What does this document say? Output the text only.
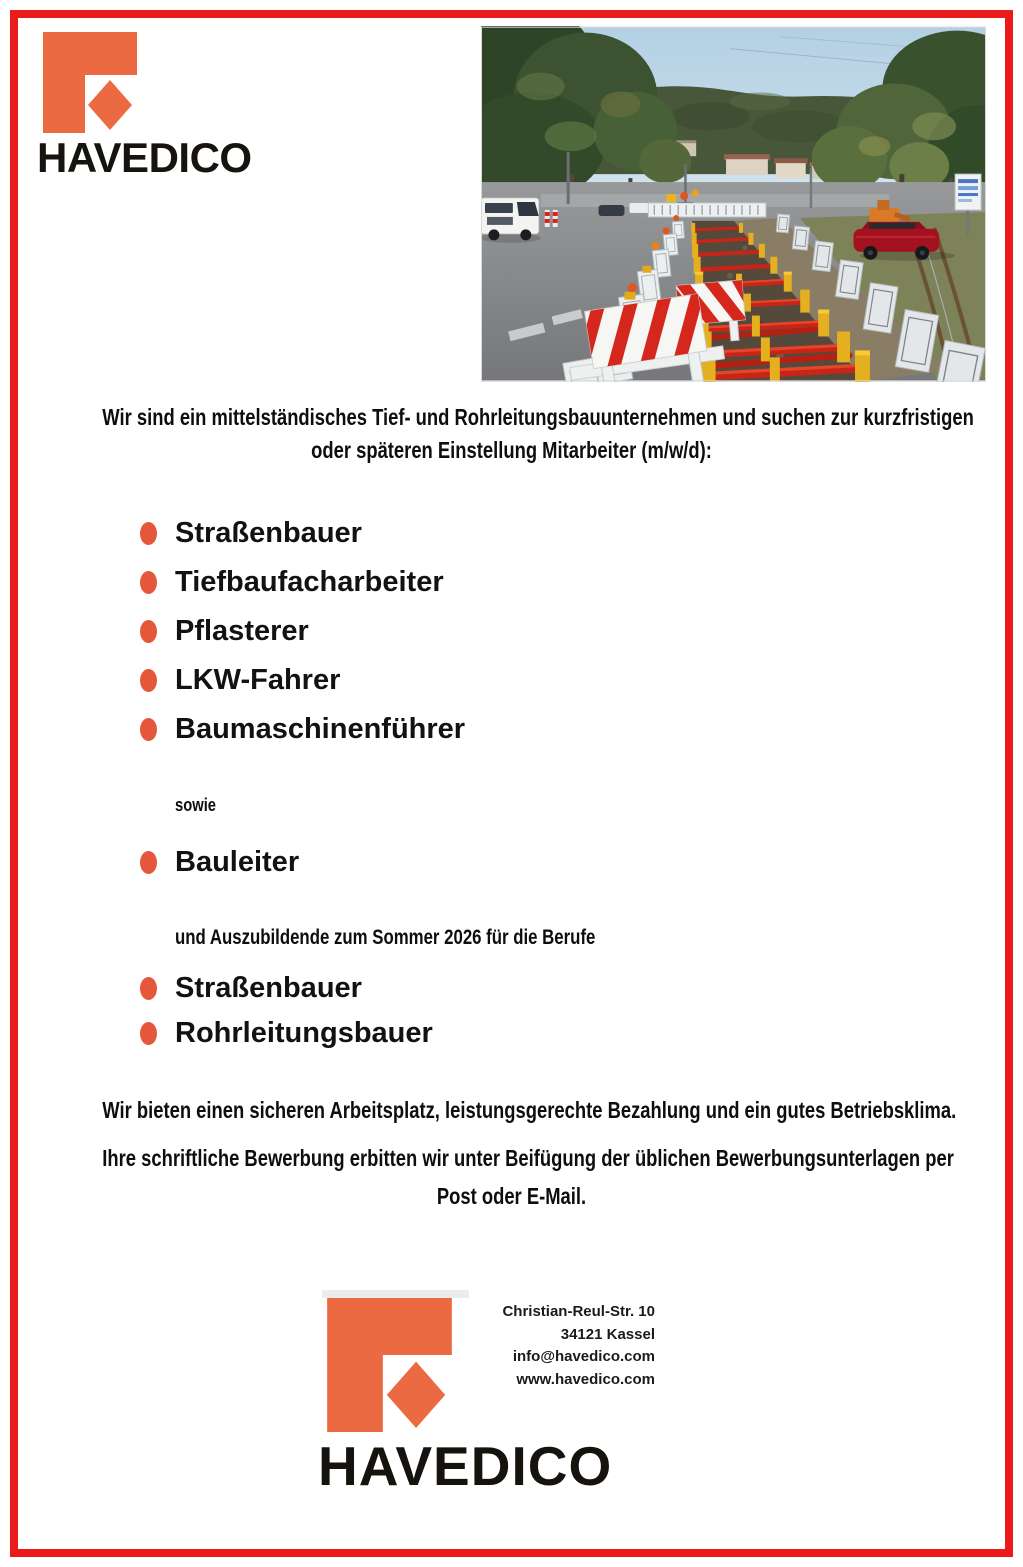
HAVEDICO
Wir sind ein mittelständisches Tief- und Rohrleitungsbauunternehmen und suchen zur kurzfristigen
oder späteren Einstellung Mitarbeiter (m/w/d):
Straßenbauer
Tiefbaufacharbeiter
Pflasterer
LKW-Fahrer
Baumaschinenführer
sowie
Bauleiter
und Auszubildende zum Sommer 2026 für die Berufe
Straßenbauer
Rohrleitungsbauer
Wir bieten einen sicheren Arbeitsplatz, leistungsgerechte Bezahlung und ein gutes Betriebsklima.
Ihre schriftliche Bewerbung erbitten wir unter Beifügung der üblichen Bewerbungsunterlagen per
Post oder E-Mail.
Christian-Reul-Str. 10
34121 Kassel
info@havedico.com
www.havedico.com
HAVEDICO
